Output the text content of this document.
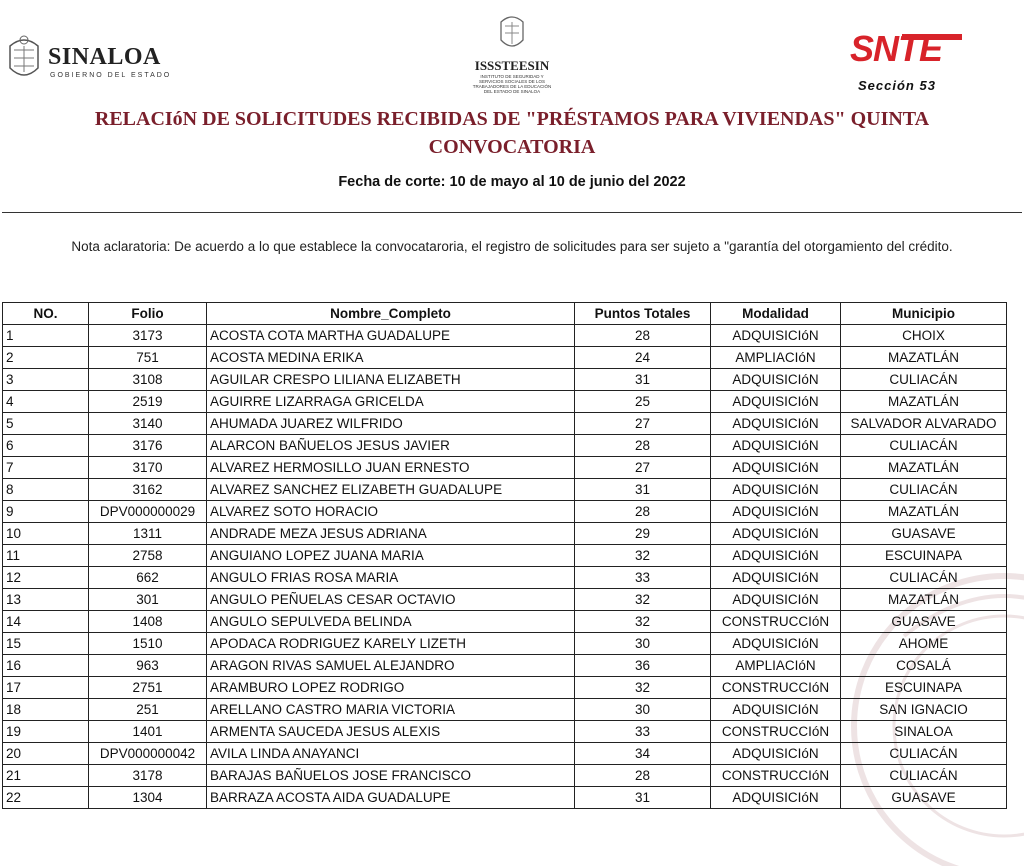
SINALOA
GOBIERNO DEL ESTADO
ISSSTEESIN
INSTITUTO DE SEGURIDAD Y SERVICIOS SOCIALES DE LOS TRABAJADORES DE LA EDUCACIÓN DEL ESTADO DE SINALOA
SNTE
Sección 53
RELACIóN DE SOLICITUDES RECIBIDAS DE "PRÉSTAMOS PARA VIVIENDAS" QUINTA CONVOCATORIA
Fecha de corte: 10 de mayo al 10 de junio del 2022
Nota aclaratoria: De acuerdo a lo que establece la convocataroria, el registro de solicitudes para ser sujeto a "garantía del otorgamiento del crédito.
NO.	Folio	Nombre_Completo	Puntos Totales	Modalidad	Municipio
1	3173	ACOSTA COTA MARTHA GUADALUPE	28	ADQUISICIóN	CHOIX
2	751	ACOSTA MEDINA ERIKA	24	AMPLIACIóN	MAZATLÁN
3	3108	AGUILAR CRESPO LILIANA ELIZABETH	31	ADQUISICIóN	CULIACÁN
4	2519	AGUIRRE LIZARRAGA GRICELDA	25	ADQUISICIóN	MAZATLÁN
5	3140	AHUMADA JUAREZ WILFRIDO	27	ADQUISICIóN	SALVADOR ALVARADO
6	3176	ALARCON BAÑUELOS JESUS JAVIER	28	ADQUISICIóN	CULIACÁN
7	3170	ALVAREZ HERMOSILLO JUAN ERNESTO	27	ADQUISICIóN	MAZATLÁN
8	3162	ALVAREZ SANCHEZ ELIZABETH GUADALUPE	31	ADQUISICIóN	CULIACÁN
9	DPV000000029	ALVAREZ SOTO HORACIO	28	ADQUISICIóN	MAZATLÁN
10	1311	ANDRADE MEZA JESUS ADRIANA	29	ADQUISICIóN	GUASAVE
11	2758	ANGUIANO LOPEZ JUANA MARIA	32	ADQUISICIóN	ESCUINAPA
12	662	ANGULO FRIAS ROSA MARIA	33	ADQUISICIóN	CULIACÁN
13	301	ANGULO PEÑUELAS CESAR OCTAVIO	32	ADQUISICIóN	MAZATLÁN
14	1408	ANGULO SEPULVEDA BELINDA	32	CONSTRUCCIóN	GUASAVE
15	1510	APODACA RODRIGUEZ KARELY LIZETH	30	ADQUISICIóN	AHOME
16	963	ARAGON RIVAS SAMUEL ALEJANDRO	36	AMPLIACIóN	COSALÁ
17	2751	ARAMBURO LOPEZ RODRIGO	32	CONSTRUCCIóN	ESCUINAPA
18	251	ARELLANO CASTRO MARIA VICTORIA	30	ADQUISICIóN	SAN IGNACIO
19	1401	ARMENTA SAUCEDA JESUS ALEXIS	33	CONSTRUCCIóN	SINALOA
20	DPV000000042	AVILA LINDA ANAYANCI	34	ADQUISICIóN	CULIACÁN
21	3178	BARAJAS BAÑUELOS JOSE FRANCISCO	28	CONSTRUCCIóN	CULIACÁN
22	1304	BARRAZA ACOSTA AIDA GUADALUPE	31	ADQUISICIóN	GUASAVE
